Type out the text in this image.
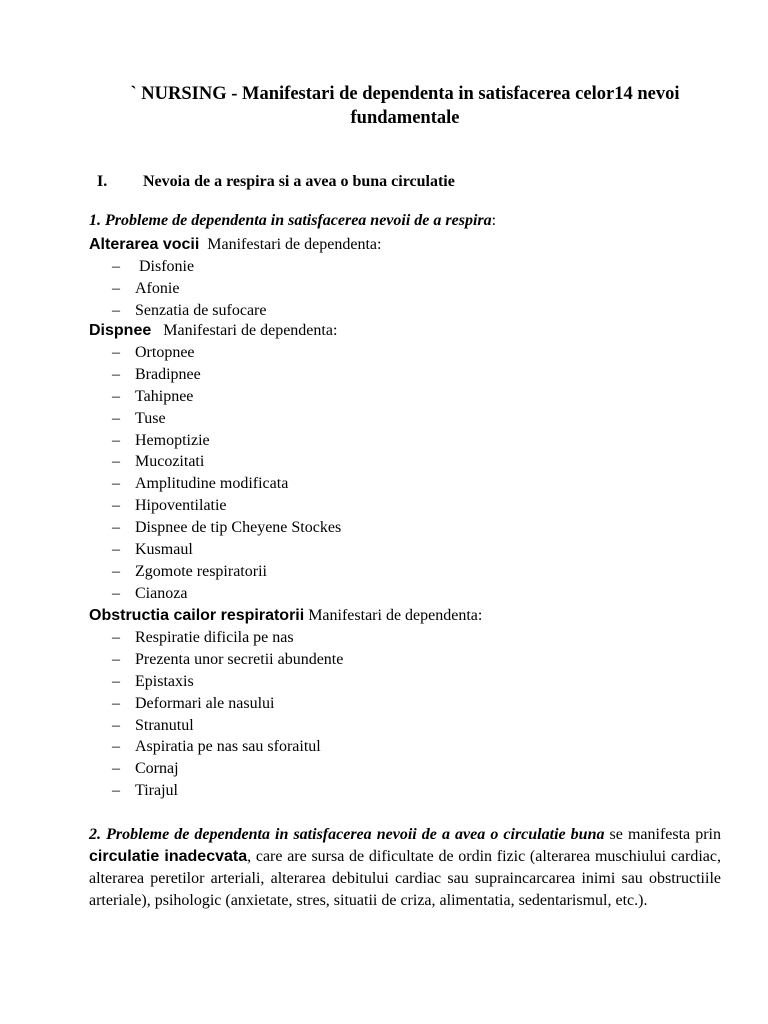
` NURSING - Manifestari de dependenta in satisfacerea celor14 nevoi fundamentale
I. Nevoia de a respira si a avea o buna circulatie
1. Probleme de dependenta in satisfacerea nevoii de a respira:
Alterarea vocii Manifestari de dependenta:
– Disfonie
– Afonie
– Senzatia de sufocare
Dispnee Manifestari de dependenta:
– Ortopnee
– Bradipnee
– Tahipnee
– Tuse
– Hemoptizie
– Mucozitati
– Amplitudine modificata
– Hipoventilatie
– Dispnee de tip Cheyene Stockes
– Kusmaul
– Zgomote respiratorii
– Cianoza
Obstructia cailor respiratorii Manifestari de dependenta:
– Respiratie dificila pe nas
– Prezenta unor secretii abundente
– Epistaxis
– Deformari ale nasului
– Stranutul
– Aspiratia pe nas sau sforaitul
– Cornaj
– Tirajul
2. Probleme de dependenta in satisfacerea nevoii de a avea o circulatie buna se manifesta prin circulatie inadecvata, care are sursa de dificultate de ordin fizic (alterarea muschiului cardiac, alterarea peretilor arteriali, alterarea debitului cardiac sau supraincarcarea inimi sau obstructiile arteriale), psihologic (anxietate, stres, situatii de criza, alimentatia, sedentarismul, etc.).
